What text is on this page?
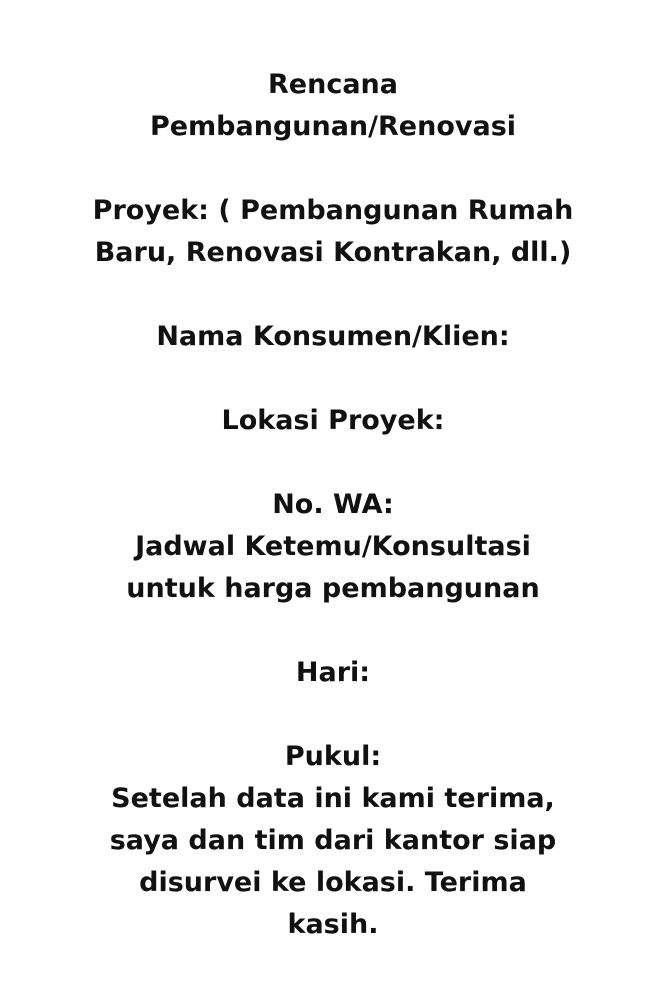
Rencana
Pembangunan/Renovasi
Proyek: ( Pembangunan Rumah
Baru, Renovasi Kontrakan, dll.)
Nama Konsumen/Klien:
Lokasi Proyek:
No. WA:
Jadwal Ketemu/Konsultasi
untuk harga pembangunan
Hari:
Pukul:
Setelah data ini kami terima,
saya dan tim dari kantor siap
disurvei ke lokasi. Terima
kasih.
